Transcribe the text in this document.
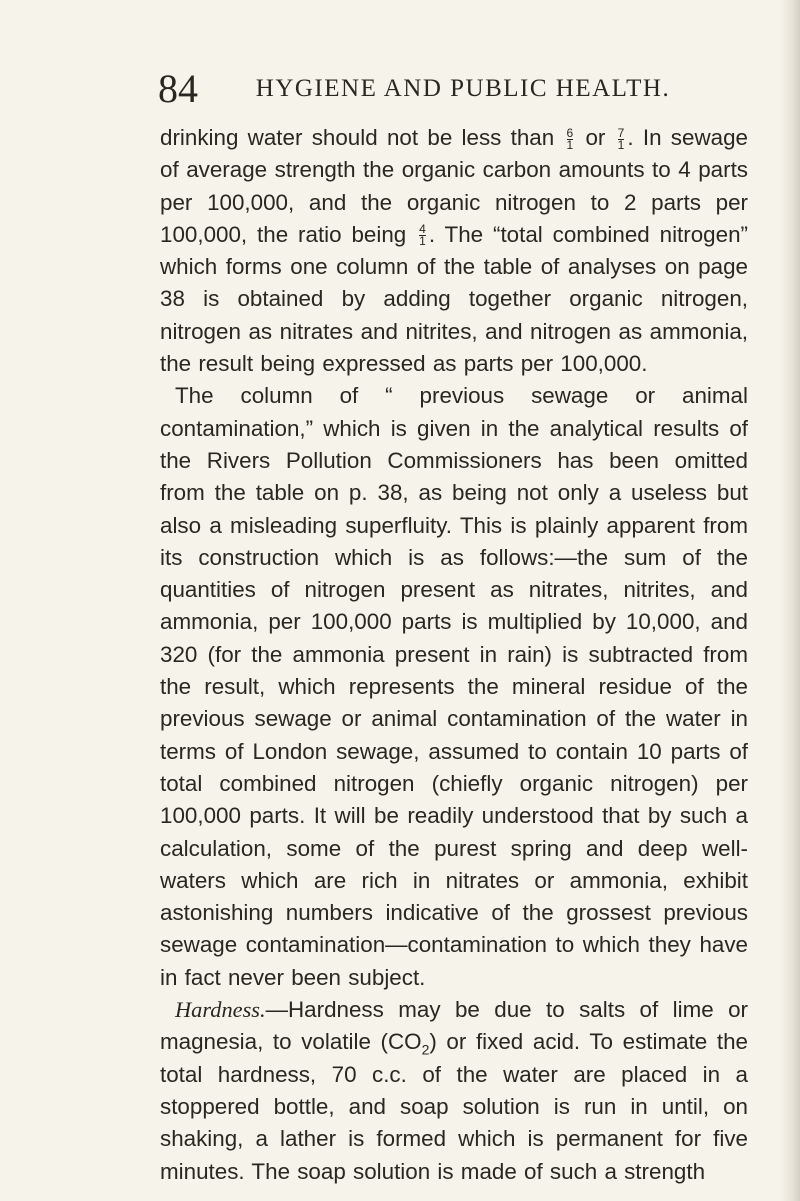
84	HYGIENE AND PUBLIC HEALTH.

drinking water should not be less than $\frac{6}{1}$ or $\frac{7}{1}$ . In sewage of average strength the organic carbon amounts to 4 parts per 100,000, and the organic nitrogen to 2 parts per 100,000, the ratio being $\frac{4}{1}$ . The “total combined nitrogen” which forms one column of the table of analyses on page 38 is obtained by adding together organic nitrogen, nitrogen as nitrates and nitrites, and nitrogen as ammonia, the result being expressed as parts per 100,000.

The column of “ previous sewage or animal contamination,” which is given in the analytical results of the Rivers Pollution Commissioners has been omitted from the table on p. 38, as being not only a useless but also a misleading superfluity. This is plainly apparent from its construction which is as follows:—the sum of the quantities of nitrogen present as nitrates, nitrites, and ammonia, per 100,000 parts is multiplied by 10,000, and 320 (for the ammonia present in rain) is subtracted from the result, which represents the mineral residue of the previous sewage or animal contamination of the water in terms of London sewage, assumed to contain 10 parts of total combined nitrogen (chiefly organic nitrogen) per 100,000 parts. It will be readily understood that by such a calculation, some of the purest spring and deep well-waters which are rich in nitrates or ammonia, exhibit astonishing numbers indicative of the grossest previous sewage contamination—contamination to which they have in fact never been subject.

Hardness.—Hardness may be due to salts of lime or magnesia, to volatile $(CO_2)$ or fixed acid. To estimate the total hardness, 70 c.c. of the water are placed in a stoppered bottle, and soap solution is run in until, on shaking, a lather is formed which is permanent for five minutes. The soap solution is made of such a strength
